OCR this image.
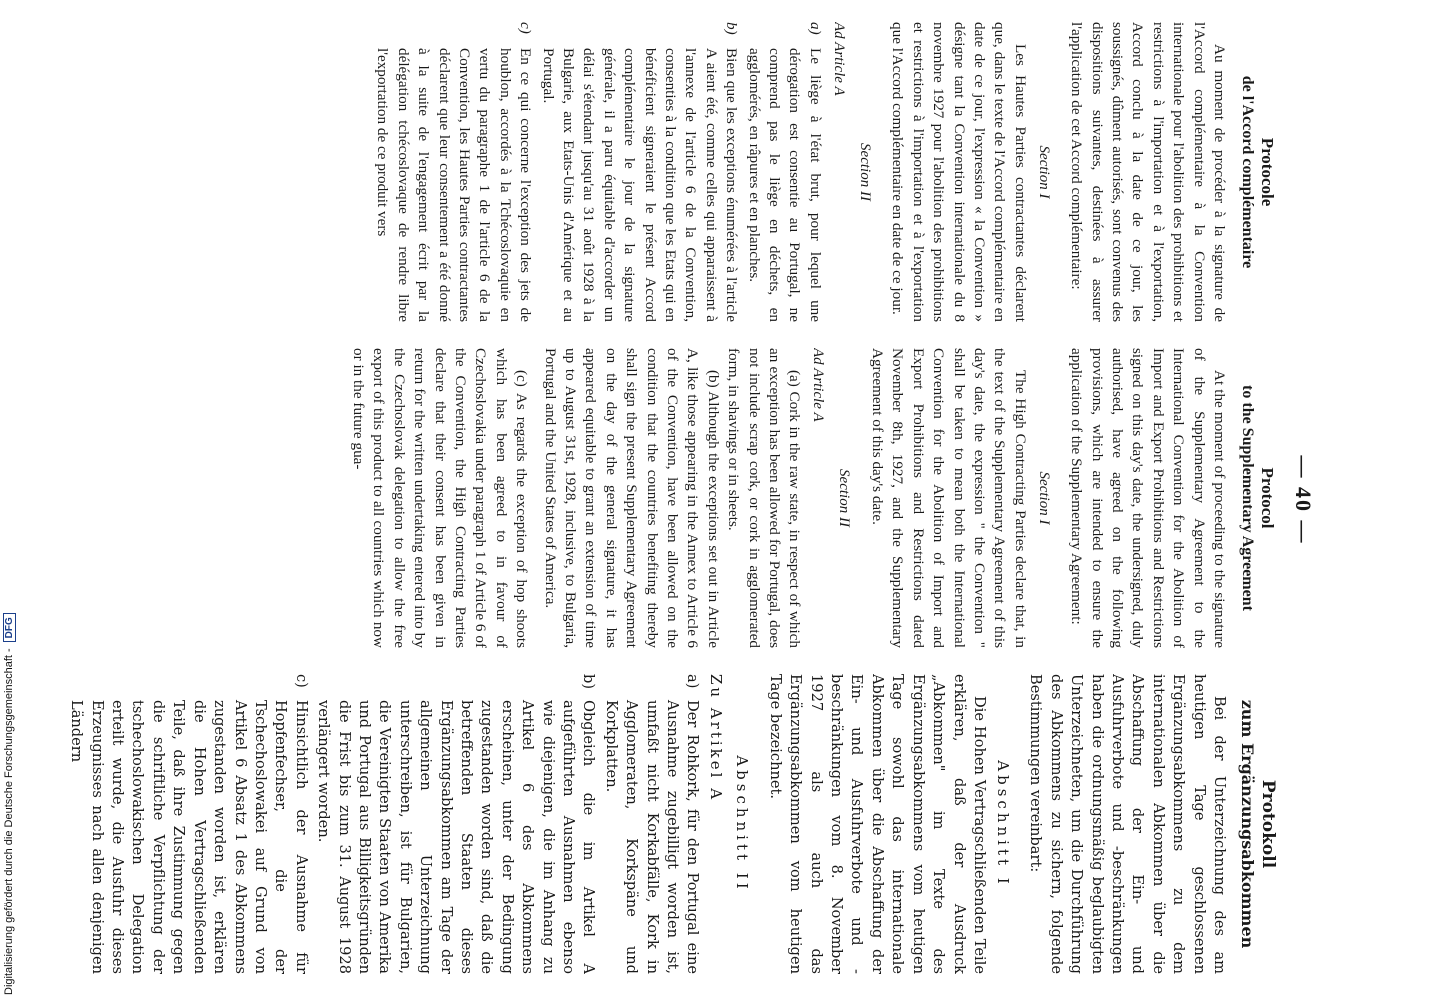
— 40 —
Protocole
de l'Accord complémentaire

Au moment de procéder à la signature de l'Accord complémentaire à la Convention internationale pour l'abolition des prohibitions et restrictions à l'importation et à l'exportation, Accord conclu à la date de ce jour, les soussignés, dûment autorisés, sont convenus des dispositions suivantes, destinées à assurer l'application de cet Accord complémentaire:

Section I

Les Hautes Parties contractantes déclarent que, dans le texte de l'Accord complémentaire en date de ce jour, l'expression « la Convention » désigne tant la Convention internationale du 8 novembre 1927 pour l'abolition des prohibitions et restrictions à l'importation et à l'exportation que l'Accord complémentaire en date de ce jour.

Section II
Ad Article A
a)
Le liège à l'état brut, pour lequel une dérogation est consentie au Portugal, ne comprend pas le liège en déchets, en agglomérés, en râpures et en planches.
b)
Bien que les exceptions énumérées à l'article A aient été, comme celles qui apparaissent à l'annexe de l'article 6 de la Convention, consenties à la condition que les Etats qui en bénéficient signeraient le présent Accord complémentaire le jour de la signature générale, il a paru équitable d'accorder un délai s'étendant jusqu'au 31 août 1928 à la Bulgarie, aux Etats-Unis d'Amérique et au Portugal.
c)
En ce qui concerne l'exception des jets de houblon, accordés à la Tchécoslovaquie en vertu du paragraphe 1 de l'article 6 de la Convention, les Hautes Parties contractantes déclarent que leur consentement a été donné à la suite de l'engagement écrit par la délégation tchécoslovaque de rendre libre l'exportation de ce produit vers
Protocol
to the Supplementary Agreement

At the moment of proceeding to the signature of the Supplementary Agreement to the International Convention for the Abolition of Import and Export Prohibitions and Restrictions signed on this day's date, the undersigned, duly authorised, have agreed on the following provisions, which are intended to ensure the application of the Supplementary Agreement:

Section I

The High Contracting Parties declare that, in the text of the Supplementary Agreement of this day's date, the expression " the Convention " shall be taken to mean both the International Convention for the Abolition of Import and Export Prohibitions and Restrictions dated November 8th, 1927, and the Supplementary Agreement of this day's date.

Section II
Ad Article A

(a) Cork in the raw state, in respect of which an exception has been allowed for Portugal, does not include scrap cork, or cork in agglomerated form, in shavings or in sheets.

(b) Although the exceptions set out in Article A, like those appearing in the Annex to Article 6 of the Convention, have been allowed on the condition that the countries benefiting thereby shall sign the present Supplementary Agreement on the day of the general signature, it has appeared equitable to grant an extension of time up to August 31st, 1928, inclusive, to Bulgaria, Portugal and the United States of America.

(c) As regards the exception of hop shoots which has been agreed to in favour of Czechoslovakia under paragraph 1 of Article 6 of the Convention, the High Contracting Parties declare that their consent has been given in return for the written undertaking entered into by the Czechoslovak delegation to allow the free export of this product to all countries which now or in the future gua-

Protokoll
zum Ergänzungsabkommen

Bei der Unterzeichnung des am heutigen Tage geschlossenen Ergänzungsabkommens zu dem internationalen Abkommen über die Abschaffung der Ein- und Ausfuhrverbote und -beschränkungen haben die ordnungsmäßig beglaubigten Unterzeichneten, um die Durchführung des Abkommens zu sichern, folgende Bestimmungen vereinbart:

Abschnitt I

Die Hohen Vertragschließenden Teile erklären, daß der Ausdruck „Abkommen" im Texte des Ergänzungsabkommens vom heutigen Tage sowohl das internationale Abkommen über die Abschaffung der Ein- und Ausfuhrverbote und -beschränkungen vom 8. November 1927 als auch das Ergänzungsabkommen vom heutigen Tage bezeichnet.

Abschnitt II
Zu Artikel A
a)
Der Rohkork, für den Portugal eine Ausnahme zugebilligt worden ist, umfaßt nicht Korkabfälle, Kork in Agglomeraten, Korkspäne und Korkplatten.
b)
Obgleich die im Artikel A aufgeführten Ausnahmen ebenso wie diejenigen, die im Anhang zu Artikel 6 des Abkommens erscheinen, unter der Bedingung zugestanden worden sind, daß die betreffenden Staaten dieses Ergänzungsabkommen am Tage der allgemeinen Unterzeichnung unterschreiben, ist für Bulgarien, die Vereinigten Staaten von Amerika und Portugal aus Billigkeitsgründen die Frist bis zum 31. August 1928 verlängert worden.
c)
Hinsichtlich der Ausnahme für Hopfenfechser, die der Tschechoslowakei auf Grund von Artikel 6 Absatz 1 des Abkommens zugestanden worden ist, erklären die Hohen Vertragschließenden Teile, daß ihre Zustimmung gegen die schriftliche Verpflichtung der tschechoslowakischen Delegation erteilt wurde, die Ausfuhr dieses Erzeugnisses nach allen denjenigen Ländern
Digitalisierung gefördert durch die Deutsche Forschungsgemeinschaft -DFG
